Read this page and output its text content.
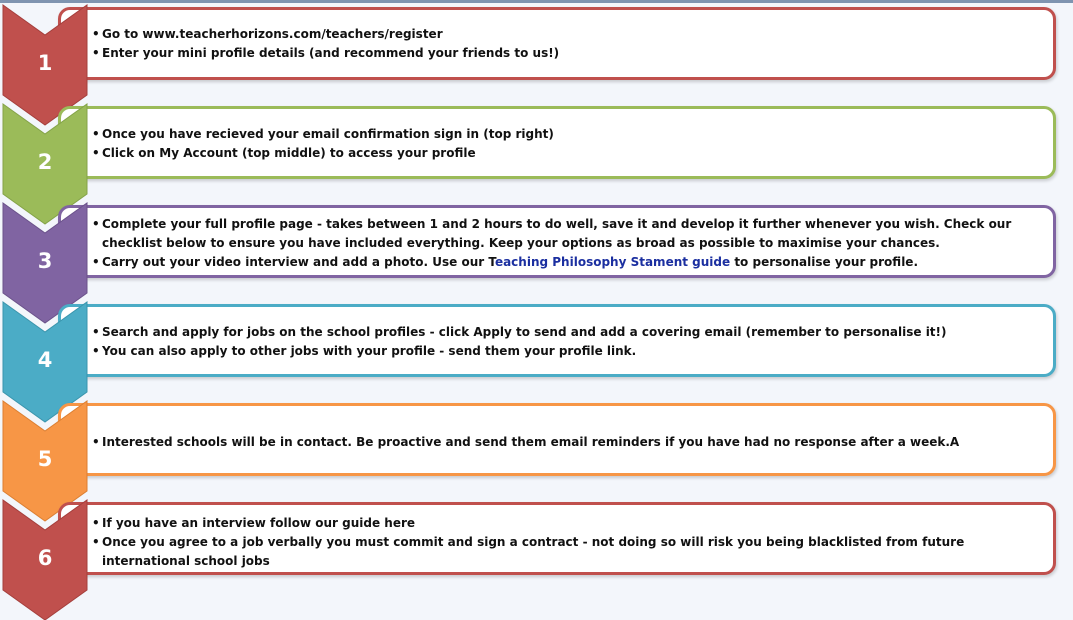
1
• Go to www.teacherhorizons.com/teachers/register
• Enter your mini profile details (and recommend your friends to us!)
2
• Once you have recieved your email confirmation sign in (top right)
• Click on My Account (top middle) to access your profile
3
• Complete your full profile page - takes between 1 and 2 hours to do well, save it and develop it further whenever you wish. Check our checklist below to ensure you have included everything. Keep your options as broad as possible to maximise your chances.
• Carry out your video interview and add a photo. Use our Teaching Philosophy Stament guide to personalise your profile.
4
• Search and apply for jobs on the school profiles - click Apply to send and add a covering email (remember to personalise it!)
• You can also apply to other jobs with your profile - send them your profile link.
5
• Interested schools will be in contact. Be proactive and send them email reminders if you have had no response after a week.A
6
• If you have an interview follow our guide here
• Once you agree to a job verbally you must commit and sign a contract - not doing so will risk you being blacklisted from future international school jobs
